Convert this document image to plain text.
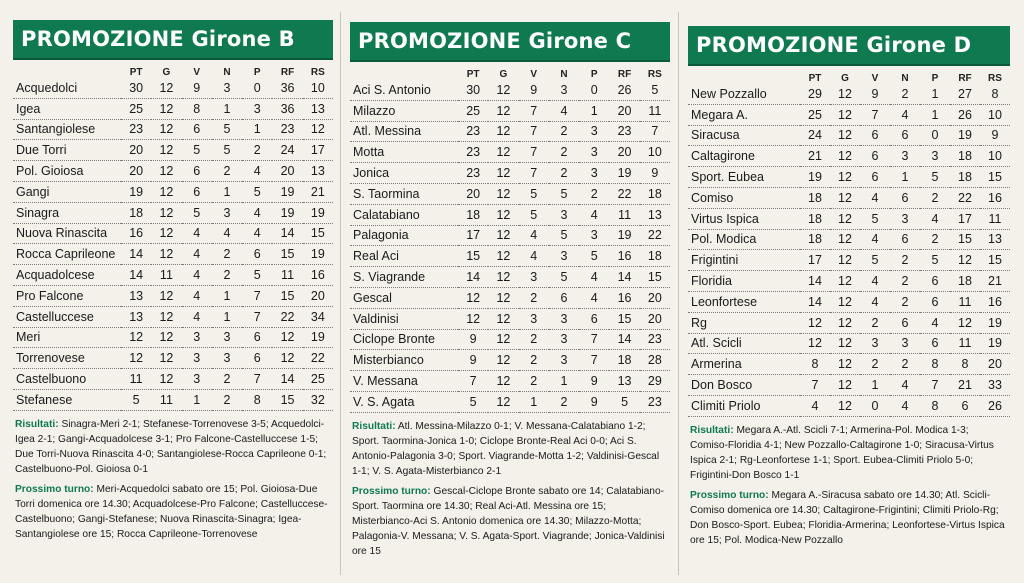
PROMOZIONE Girone B
	PT	G	V	N	P	RF	RS
Acquedolci	30	12	9	3	0	36	10
Igea	25	12	8	1	3	36	13
Santangiolese	23	12	6	5	1	23	12
Due Torri	20	12	5	5	2	24	17
Pol. Gioiosa	20	12	6	2	4	20	13
Gangi	19	12	6	1	5	19	21
Sinagra	18	12	5	3	4	19	19
Nuova Rinascita	16	12	4	4	4	14	15
Rocca Caprileone	14	12	4	2	6	15	19
Acquadolcese	14	11	4	2	5	11	16
Pro Falcone	13	12	4	1	7	15	20
Castelluccese	13	12	4	1	7	22	34
Meri	12	12	3	3	6	12	19
Torrenovese	12	12	3	3	6	12	22
Castelbuono	11	12	3	2	7	14	25
Stefanese	5	11	1	2	8	15	32
Risultati: Sinagra-Meri 2-1; Stefanese-Torrenovese 3-5; Acquedolci-Igea 2-1; Gangi-Acquadolcese 3-1; Pro Falcone-Castelluccese 1-5; Due Torri-Nuova Rinascita 4-0; Santangiolese-Rocca Caprileone 0-1; Castelbuono-Pol. Gioiosa 0-1
Prossimo turno: Meri-Acquedolci sabato ore 15; Pol. Gioiosa-Due Torri domenica ore 14.30; Acquadolcese-Pro Falcone; Castelluccese-Castelbuono; Gangi-Stefanese; Nuova Rinascita-Sinagra; Igea-Santangiolese ore 15; Rocca Caprileone-Torrenovese
PROMOZIONE Girone C
	PT	G	V	N	P	RF	RS
Aci S. Antonio	30	12	9	3	0	26	5
Milazzo	25	12	7	4	1	20	11
Atl. Messina	23	12	7	2	3	23	7
Motta	23	12	7	2	3	20	10
Jonica	23	12	7	2	3	19	9
S. Taormina	20	12	5	5	2	22	18
Calatabiano	18	12	5	3	4	11	13
Palagonia	17	12	4	5	3	19	22
Real Aci	15	12	4	3	5	16	18
S. Viagrande	14	12	3	5	4	14	15
Gescal	12	12	2	6	4	16	20
Valdinisi	12	12	3	3	6	15	20
Ciclope Bronte	9	12	2	3	7	14	23
Misterbianco	9	12	2	3	7	18	28
V. Messana	7	12	2	1	9	13	29
V. S. Agata	5	12	1	2	9	5	23
Risultati: Atl. Messina-Milazzo 0-1; V. Messana-Calatabiano 1-2; Sport. Taormina-Jonica 1-0; Ciclope Bronte-Real Aci 0-0; Aci S. Antonio-Palagonia 3-0; Sport. Viagrande-Motta 1-2; Valdinisi-Gescal 1-1; V. S. Agata-Misterbianco 2-1
Prossimo turno: Gescal-Ciclope Bronte sabato ore 14; Calatabiano-Sport. Taormina ore 14.30; Real Aci-Atl. Messina ore 15; Misterbianco-Aci S. Antonio domenica ore 14.30; Milazzo-Motta; Palagonia-V. Messana; V. S. Agata-Sport. Viagrande; Jonica-Valdinisi ore 15
PROMOZIONE Girone D
	PT	G	V	N	P	RF	RS
New Pozzallo	29	12	9	2	1	27	8
Megara A.	25	12	7	4	1	26	10
Siracusa	24	12	6	6	0	19	9
Caltagirone	21	12	6	3	3	18	10
Sport. Eubea	19	12	6	1	5	18	15
Comiso	18	12	4	6	2	22	16
Virtus Ispica	18	12	5	3	4	17	11
Pol. Modica	18	12	4	6	2	15	13
Frigintini	17	12	5	2	5	12	15
Floridia	14	12	4	2	6	18	21
Leonfortese	14	12	4	2	6	11	16
Rg	12	12	2	6	4	12	19
Atl. Scicli	12	12	3	3	6	11	19
Armerina	8	12	2	2	8	8	20
Don Bosco	7	12	1	4	7	21	33
Climiti Priolo	4	12	0	4	8	6	26
Risultati: Megara A.-Atl. Scicli 7-1; Armerina-Pol. Modica 1-3; Comiso-Floridia 4-1; New Pozzallo-Caltagirone 1-0; Siracusa-Virtus Ispica 2-1; Rg-Leonfortese 1-1; Sport. Eubea-Climiti Priolo 5-0; Frigintini-Don Bosco 1-1
Prossimo turno: Megara A.-Siracusa sabato ore 14.30; Atl. Scicli-Comiso domenica ore 14.30; Caltagirone-Frigintini; Climiti Priolo-Rg; Don Bosco-Sport. Eubea; Floridia-Armerina; Leonfortese-Virtus Ispica ore 15; Pol. Modica-New Pozzallo
